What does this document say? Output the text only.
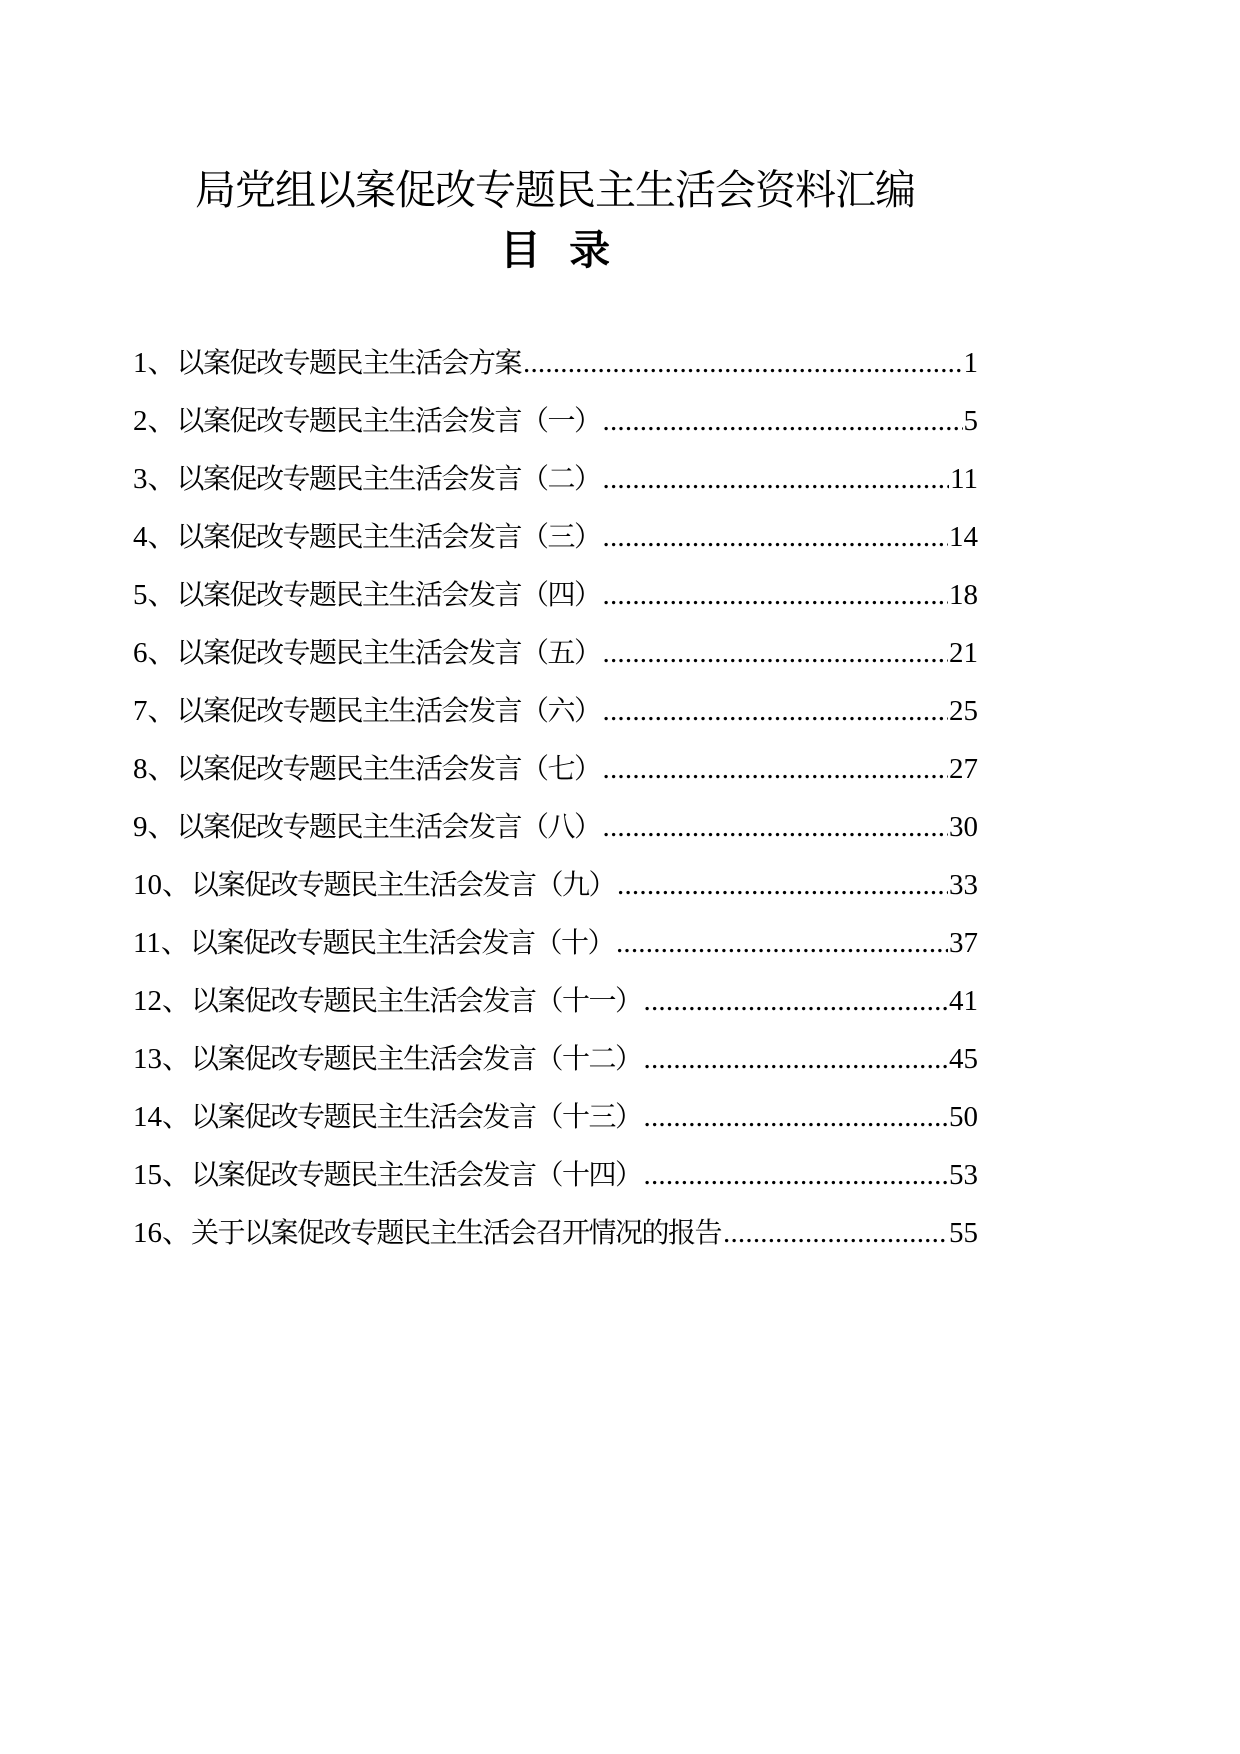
局党组以案促改专题民主生活会资料汇编
目 录
1、 以案促改专题民主生活会方案 .....	1
2、 以案促改专题民主生活会发言（一） .....	5
3、 以案促改专题民主生活会发言（二） .....	11
4、 以案促改专题民主生活会发言（三） .....	14
5、 以案促改专题民主生活会发言（四） .....	18
6、 以案促改专题民主生活会发言（五） .....	21
7、 以案促改专题民主生活会发言（六） .....	25
8、 以案促改专题民主生活会发言（七） .....	27
9、 以案促改专题民主生活会发言（八） .....	30
10、 以案促改专题民主生活会发言（九） .....	33
11、 以案促改专题民主生活会发言（十） .....	37
12、 以案促改专题民主生活会发言（十一） .....	41
13、 以案促改专题民主生活会发言（十二） .....	45
14、 以案促改专题民主生活会发言（十三） .....	50
15、 以案促改专题民主生活会发言（十四） .....	53
16、 关于以案促改专题民主生活会召开情况的报告 .....	55
